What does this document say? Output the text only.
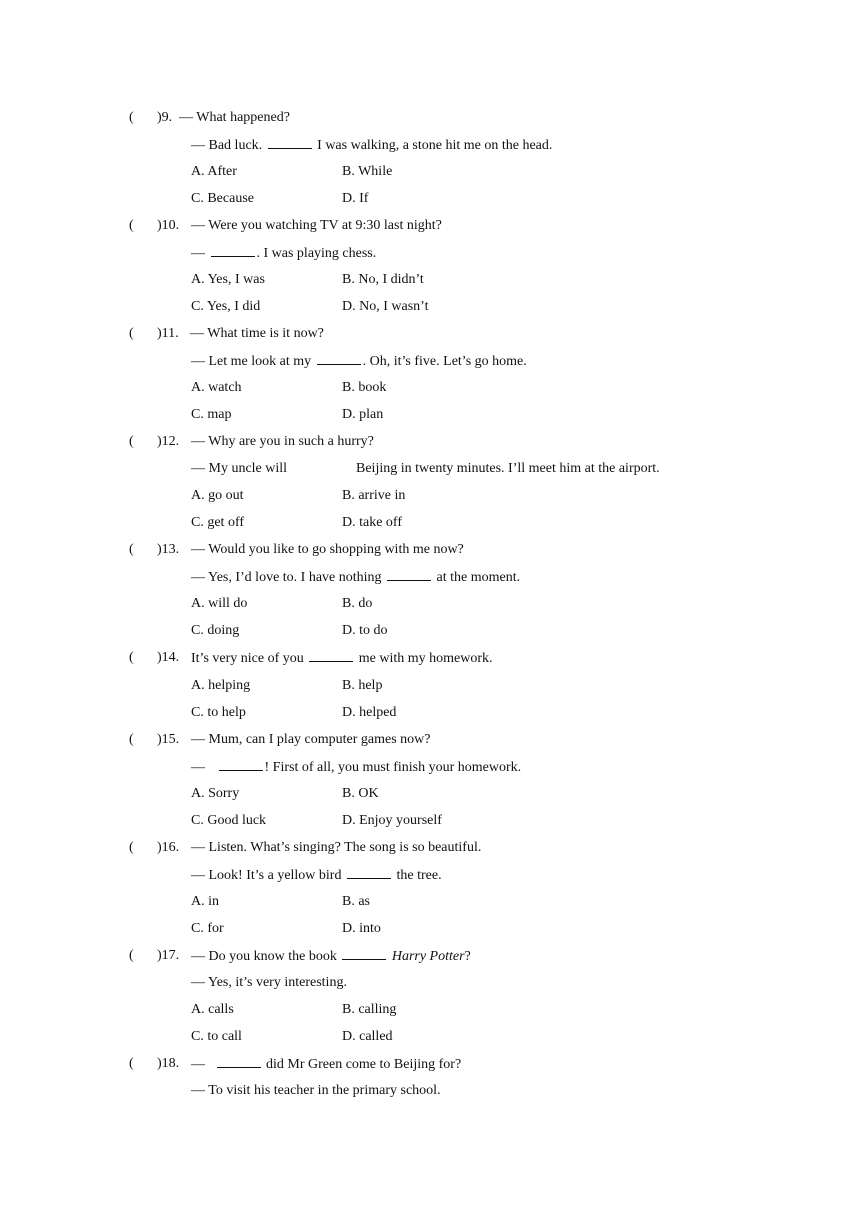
( )9. — What happened?
— Bad luck.	I was walking, a stone hit me on the head.
A. After	B. While
C. Because	D. If
( )10. — Were you watching TV at 9:30 last night?
—	. I was playing chess.
A. Yes, I was	B. No, I didn’t
C. Yes, I did	D. No, I wasn’t
( )11. — What time is it now?
— Let me look at my	. Oh, it’s five. Let’s go home.
A. watch	B. book
C. map	D. plan
( )12. — Why are you in such a hurry?
— My uncle will	Beijing in twenty minutes. I’ll meet him at the airport.
A. go out	B. arrive in
C. get off	D. take off
( )13. — Would you like to go shopping with me now?
— Yes, I’d love to. I have nothing	at the moment.
A. will do	B. do
C. doing	D. to do
( )14. It’s very nice of you	me with my homework.
A. helping	B. help
C. to help	D. helped
( )15. — Mum, can I play computer games now?
—	! First of all, you must finish your homework.
A. Sorry	B. OK
C. Good luck	D. Enjoy yourself
( )16. — Listen. What’s singing? The song is so beautiful.
— Look! It’s a yellow bird	the tree.
A. in	B. as
C. for	D. into
( )17. — Do you know the book	Harry Potter?
— Yes, it’s very interesting.
A. calls	B. calling
C. to call	D. called
( )18. —	did Mr Green come to Beijing for?
— To visit his teacher in the primary school.
